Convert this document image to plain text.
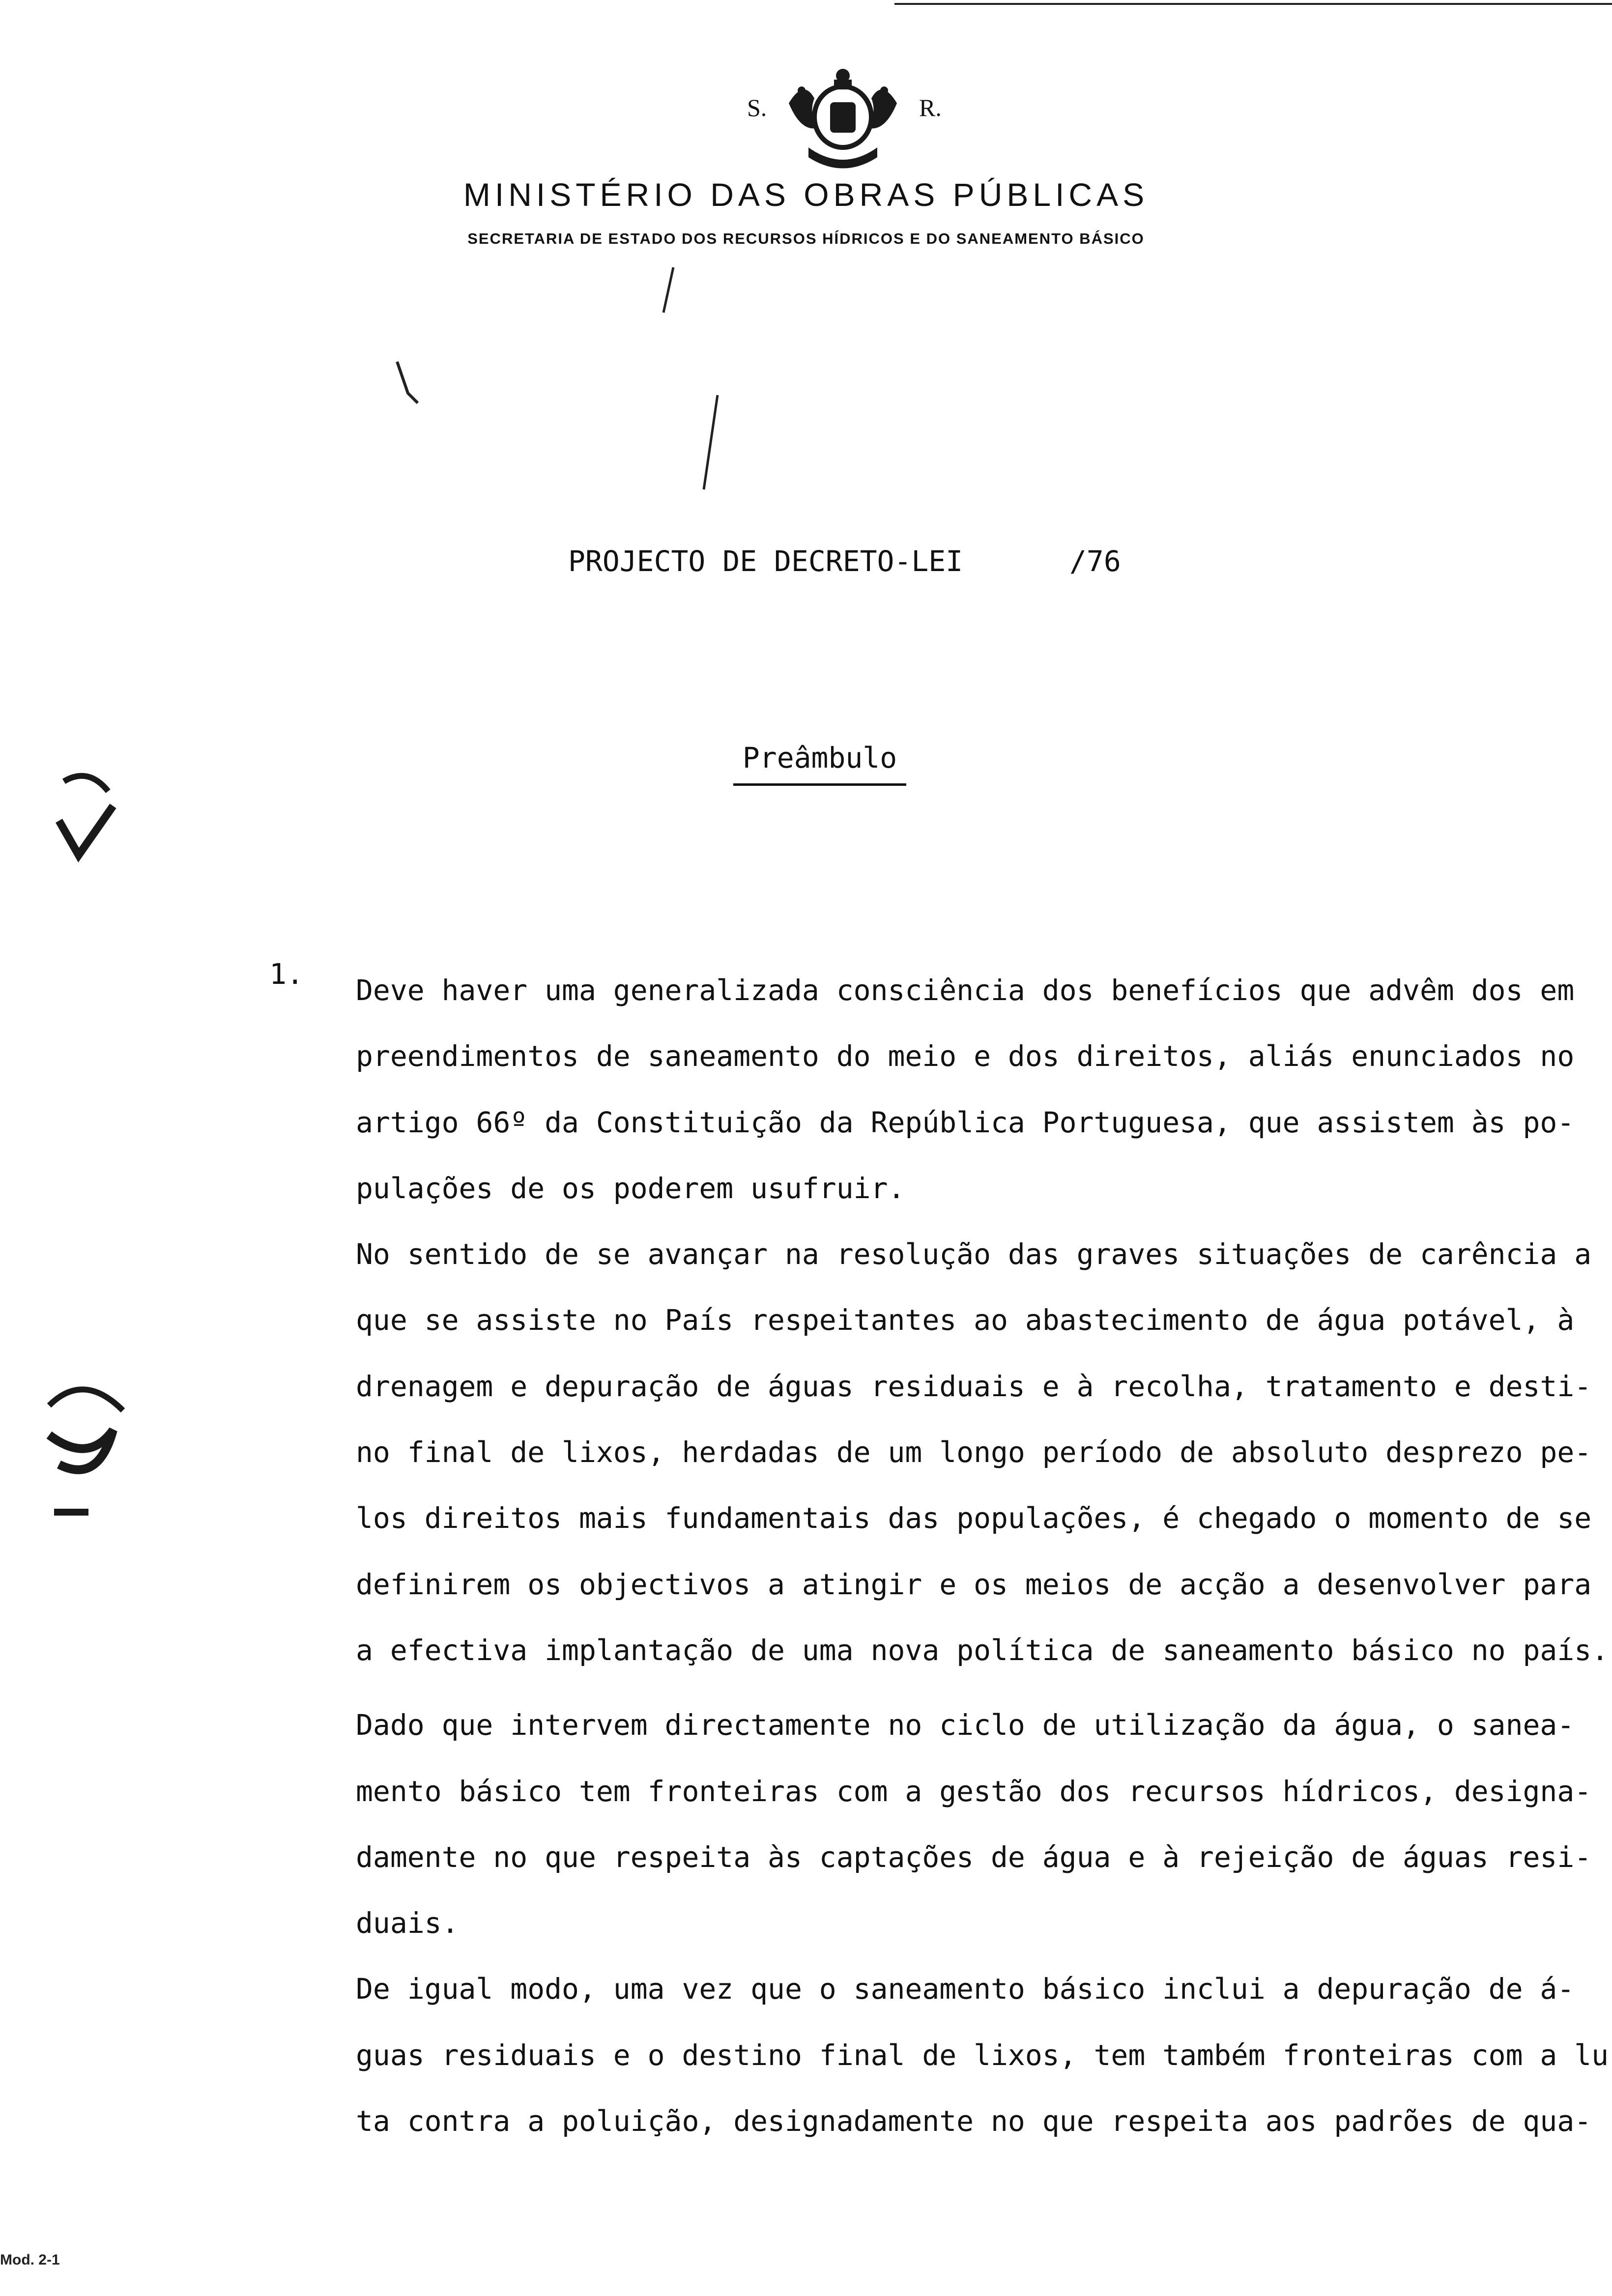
S.	R.
MINISTÉRIO DAS OBRAS PÚBLICAS
SECRETARIA DE ESTADO DOS RECURSOS HÍDRICOS E DO SANEAMENTO BÁSICO
PROJECTO DE DECRETO-LEI	/76
Preâmbulo
1. Deve haver uma generalizada consciência dos benefícios que advêm dos em
preendimentos de saneamento do meio e dos direitos, aliás enunciados no
artigo 66º da Constituição da República Portuguesa, que assistem às po-
pulações de os poderem usufruir.
No sentido de se avançar na resolução das graves situações de carência a
que se assiste no País respeitantes ao abastecimento de água potável, à
drenagem e depuração de águas residuais e à recolha, tratamento e desti-
no final de lixos, herdadas de um longo período de absoluto desprezo pe-
los direitos mais fundamentais das populações, é chegado o momento de se
definirem os objectivos a atingir e os meios de acção a desenvolver para
a efectiva implantação de uma nova política de saneamento básico no país.
Dado que intervem directamente no ciclo de utilização da água, o sanea-
mento básico tem fronteiras com a gestão dos recursos hídricos, designa-
damente no que respeita às captações de água e à rejeição de águas resi-
duais.
De igual modo, uma vez que o saneamento básico inclui a depuração de á-
guas residuais e o destino final de lixos, tem também fronteiras com a lu
ta contra a poluição, designadamente no que respeita aos padrões de qua-
Mod. 2-1
